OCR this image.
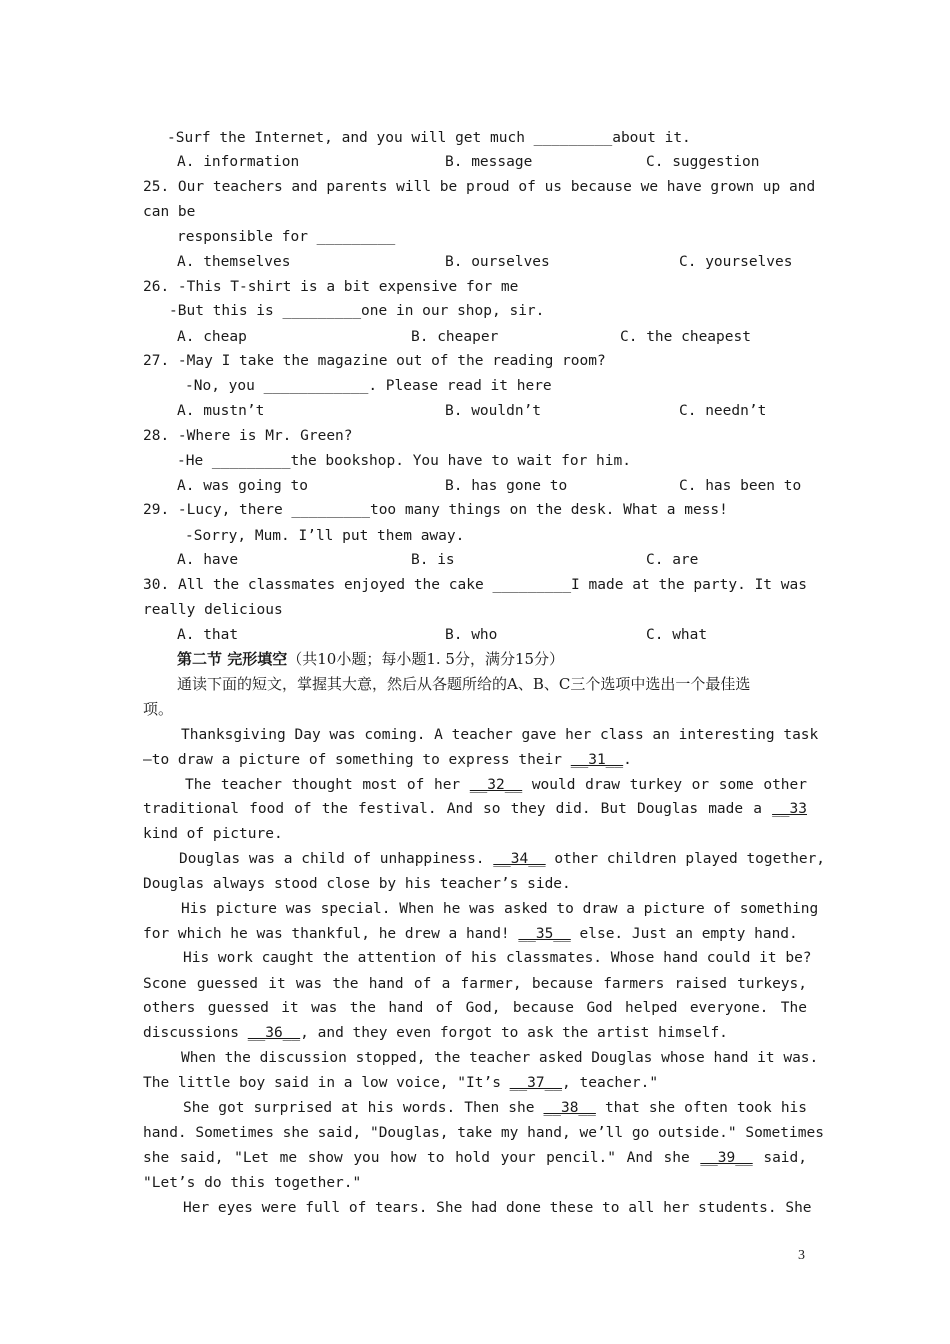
-Surf the Internet, and you will get much _________about it.
A. information	B. message	C. suggestion
25. Our teachers and parents will be proud of us because we have grown up and
can be
responsible for _________
A. themselves	B. ourselves	C. yourselves
26. -This T-shirt is a bit expensive for me
-But this is _________one in our shop, sir.
A. cheap	B. cheaper	C. the cheapest
27. -May I take the magazine out of the reading room?
-No, you ____________. Please read it here
A. mustn’t	B. wouldn’t	C. needn’t
28. -Where is Mr. Green?
-He _________the bookshop. You have to wait for him.
A. was going to	B. has gone to	C. has been to
29. -Lucy, there _________too many things on the desk. What a mess!
-Sorry, Mum. I’ll put them away.
A. have	B. is	C. are
30. All the classmates enjoyed the cake _________I made at the party. It was
really delicious
A. that	B. who	C. what
第二节 完形填空（共10小题；每小题1. 5分，满分15分）
通读下面的短文，掌握其大意，然后从各题所给的A、B、C三个选项中选出一个最佳选
项。
Thanksgiving Day was coming. A teacher gave her class an interesting task
—to draw a picture of something to express their __31__.
The teacher thought most of her __32__ would draw turkey or some other
traditional food of the festival. And so they did. But Douglas made a __33
kind of picture.
Douglas was a child of unhappiness. __34__ other children played together,
Douglas always stood close by his teacher’s side.
His picture was special. When he was asked to draw a picture of something
for which he was thankful, he drew a hand! __35__ else. Just an empty hand.
His work caught the attention of his classmates. Whose hand could it be?
Scone guessed it was the hand of a farmer, because farmers raised turkeys,
others guessed it was the hand of God, because God helped everyone. The
discussions __36__, and they even forgot to ask the artist himself.
When the discussion stopped, the teacher asked Douglas whose hand it was.
The little boy said in a low voice, "It’s __37__, teacher."
She got surprised at his words. Then she __38__ that she often took his
hand. Sometimes she said, "Douglas, take my hand, we’ll go outside." Sometimes
she said, "Let me show you how to hold your pencil." And she __39__ said,
"Let’s do this together."
Her eyes were full of tears. She had done these to all her students. She
3
